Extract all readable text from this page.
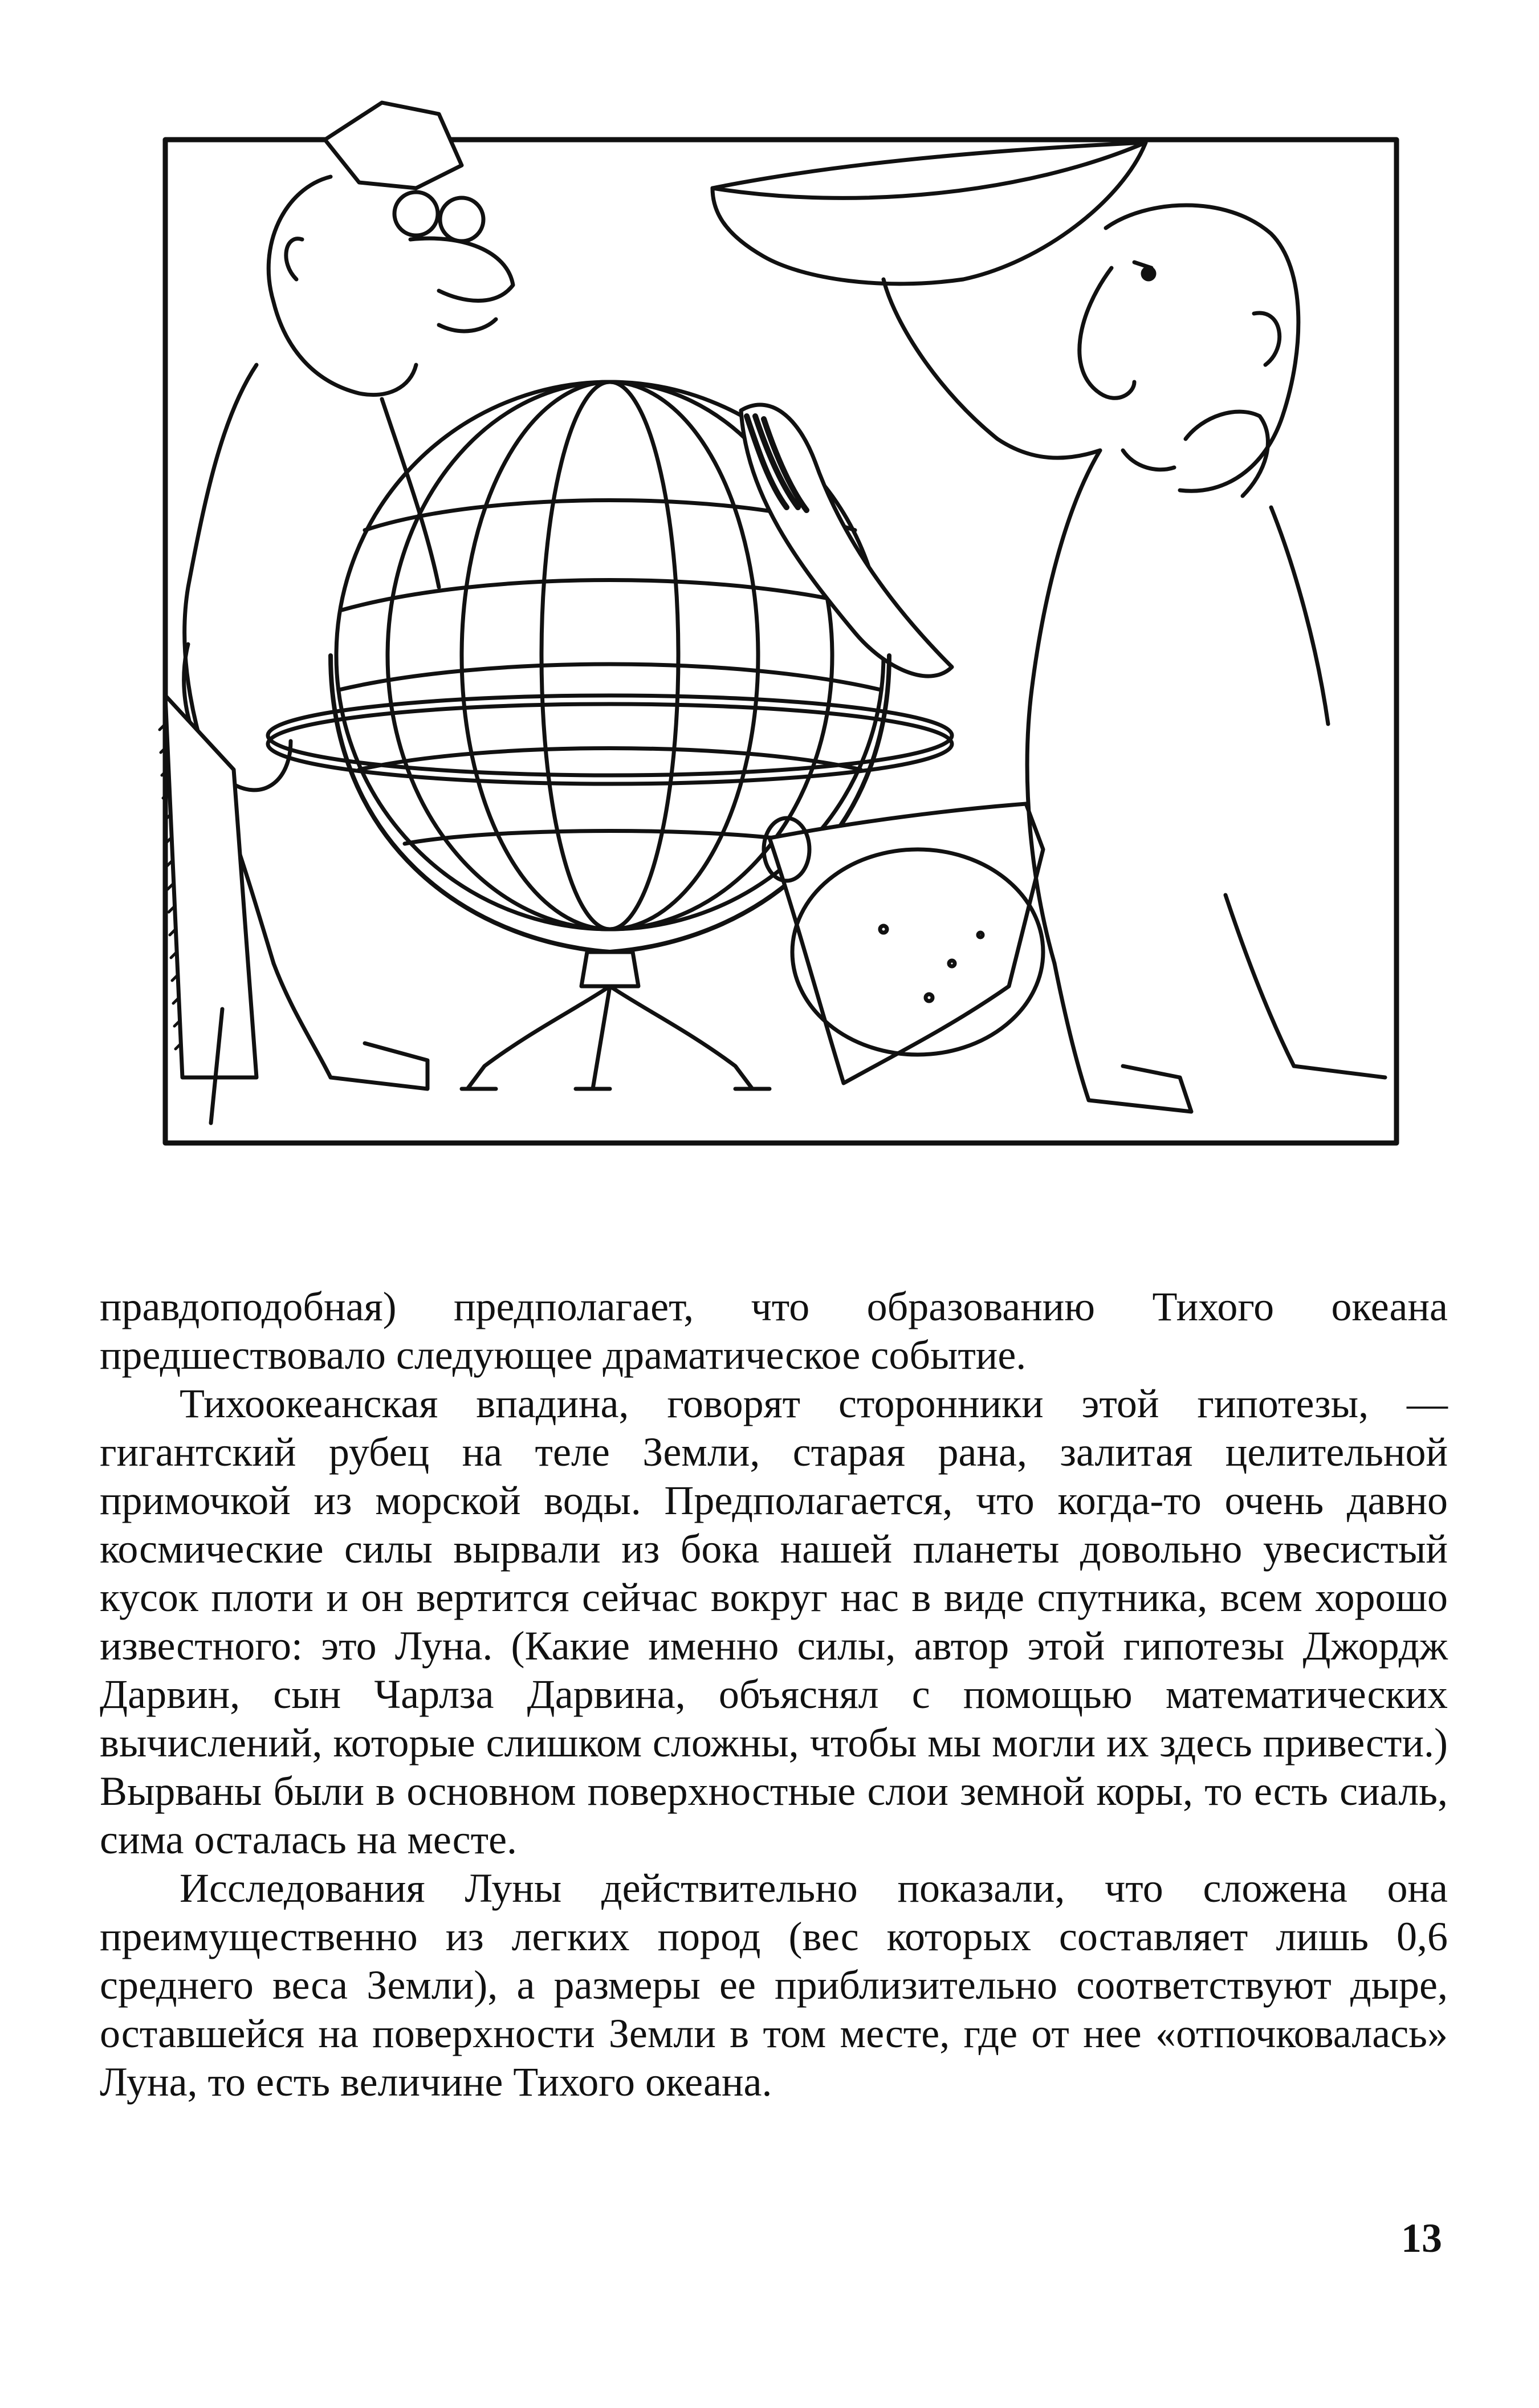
правдоподобная) предполагает, что образованию Тихого океана предшествовало следующее драматическое событие.

Тихоокеанская впадина, говорят сторонники этой гипотезы, — гигантский рубец на теле Земли, старая рана, залитая целительной примочкой из морской воды. Предполагается, что когда-то очень давно космические силы вырвали из бока нашей планеты довольно увесистый кусок плоти и он вертится сейчас вокруг нас в виде спутника, всем хорошо известного: это Луна. (Какие именно силы, автор этой гипотезы Джордж Дарвин, сын Чарлза Дарвина, объяснял с помощью математических вычислений, которые слишком сложны, чтобы мы могли их здесь привести.) Вырваны были в основном поверхностные слои земной коры, то есть сиаль, сима осталась на месте.

Исследования Луны действительно показали, что сложена она преимущественно из легких пород (вес которых составляет лишь 0,6 среднего веса Земли), а размеры ее приблизительно соответствуют дыре, оставшейся на поверхности Земли в том месте, где от нее «отпочковалась» Луна, то есть величине Тихого океана.

13
